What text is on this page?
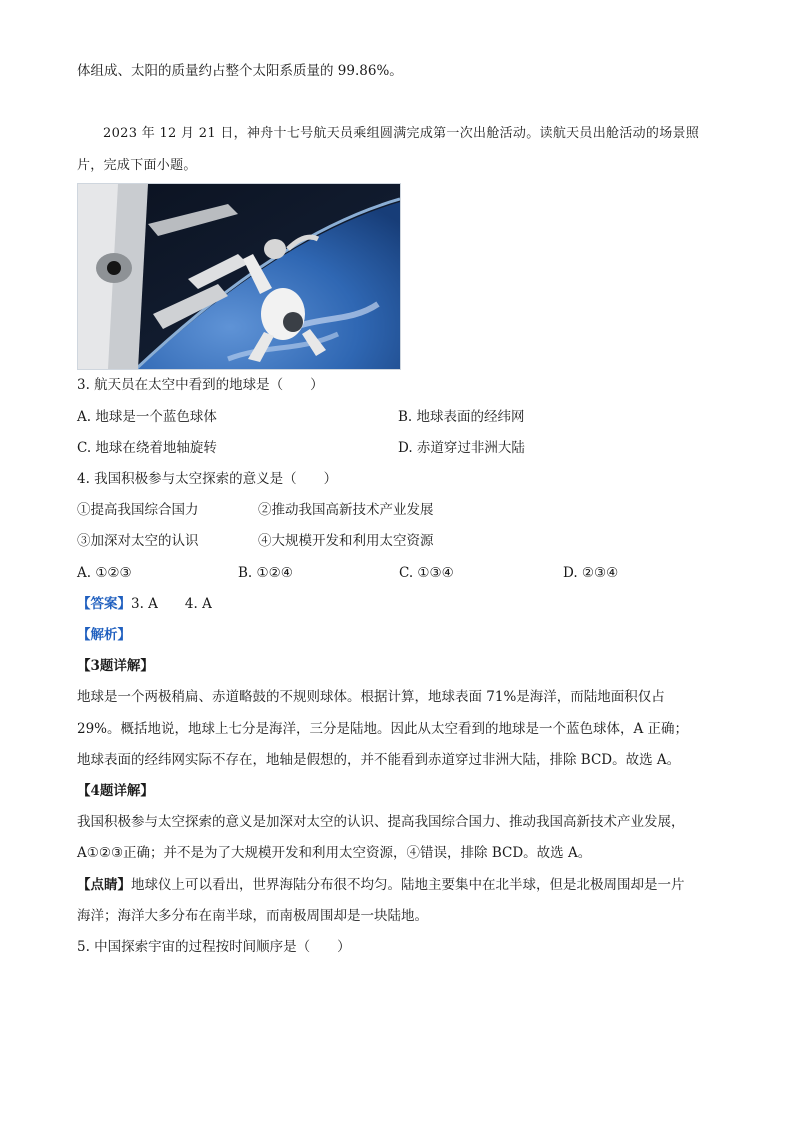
体组成、太阳的质量约占整个太阳系质量的 99.86%。
2023 年 12 月 21 日，神舟十七号航天员乘组圆满完成第一次出舱活动。读航天员出舱活动的场景照
片，完成下面小题。
3. 航天员在太空中看到的地球是（　　）
A. 地球是一个蓝色球体	B. 地球表面的经纬网
C. 地球在绕着地轴旋转	D. 赤道穿过非洲大陆
4. 我国积极参与太空探索的意义是（　　）
①提高我国综合国力	②推动我国高新技术产业发展
③加深对太空的认识	④大规模开发和利用太空资源
A. ①②③	B. ①②④	C. ①③④	D. ②③④
【答案】3. A　　4. A
【解析】
【3题详解】
地球是一个两极稍扁、赤道略鼓的不规则球体。根据计算，地球表面 71%是海洋，而陆地面积仅占
29%。概括地说，地球上七分是海洋，三分是陆地。因此从太空看到的地球是一个蓝色球体，A 正确；
地球表面的经纬网实际不存在，地轴是假想的，并不能看到赤道穿过非洲大陆，排除 BCD。故选 A。
【4题详解】
我国积极参与太空探索的意义是加深对太空的认识、提高我国综合国力、推动我国高新技术产业发展，
A①②③正确；并不是为了大规模开发和利用太空资源，④错误，排除 BCD。故选 A。
【点睛】地球仪上可以看出，世界海陆分布很不均匀。陆地主要集中在北半球，但是北极周围却是一片
海洋；海洋大多分布在南半球，而南极周围却是一块陆地。
5. 中国探索宇宙的过程按时间顺序是（　　）
